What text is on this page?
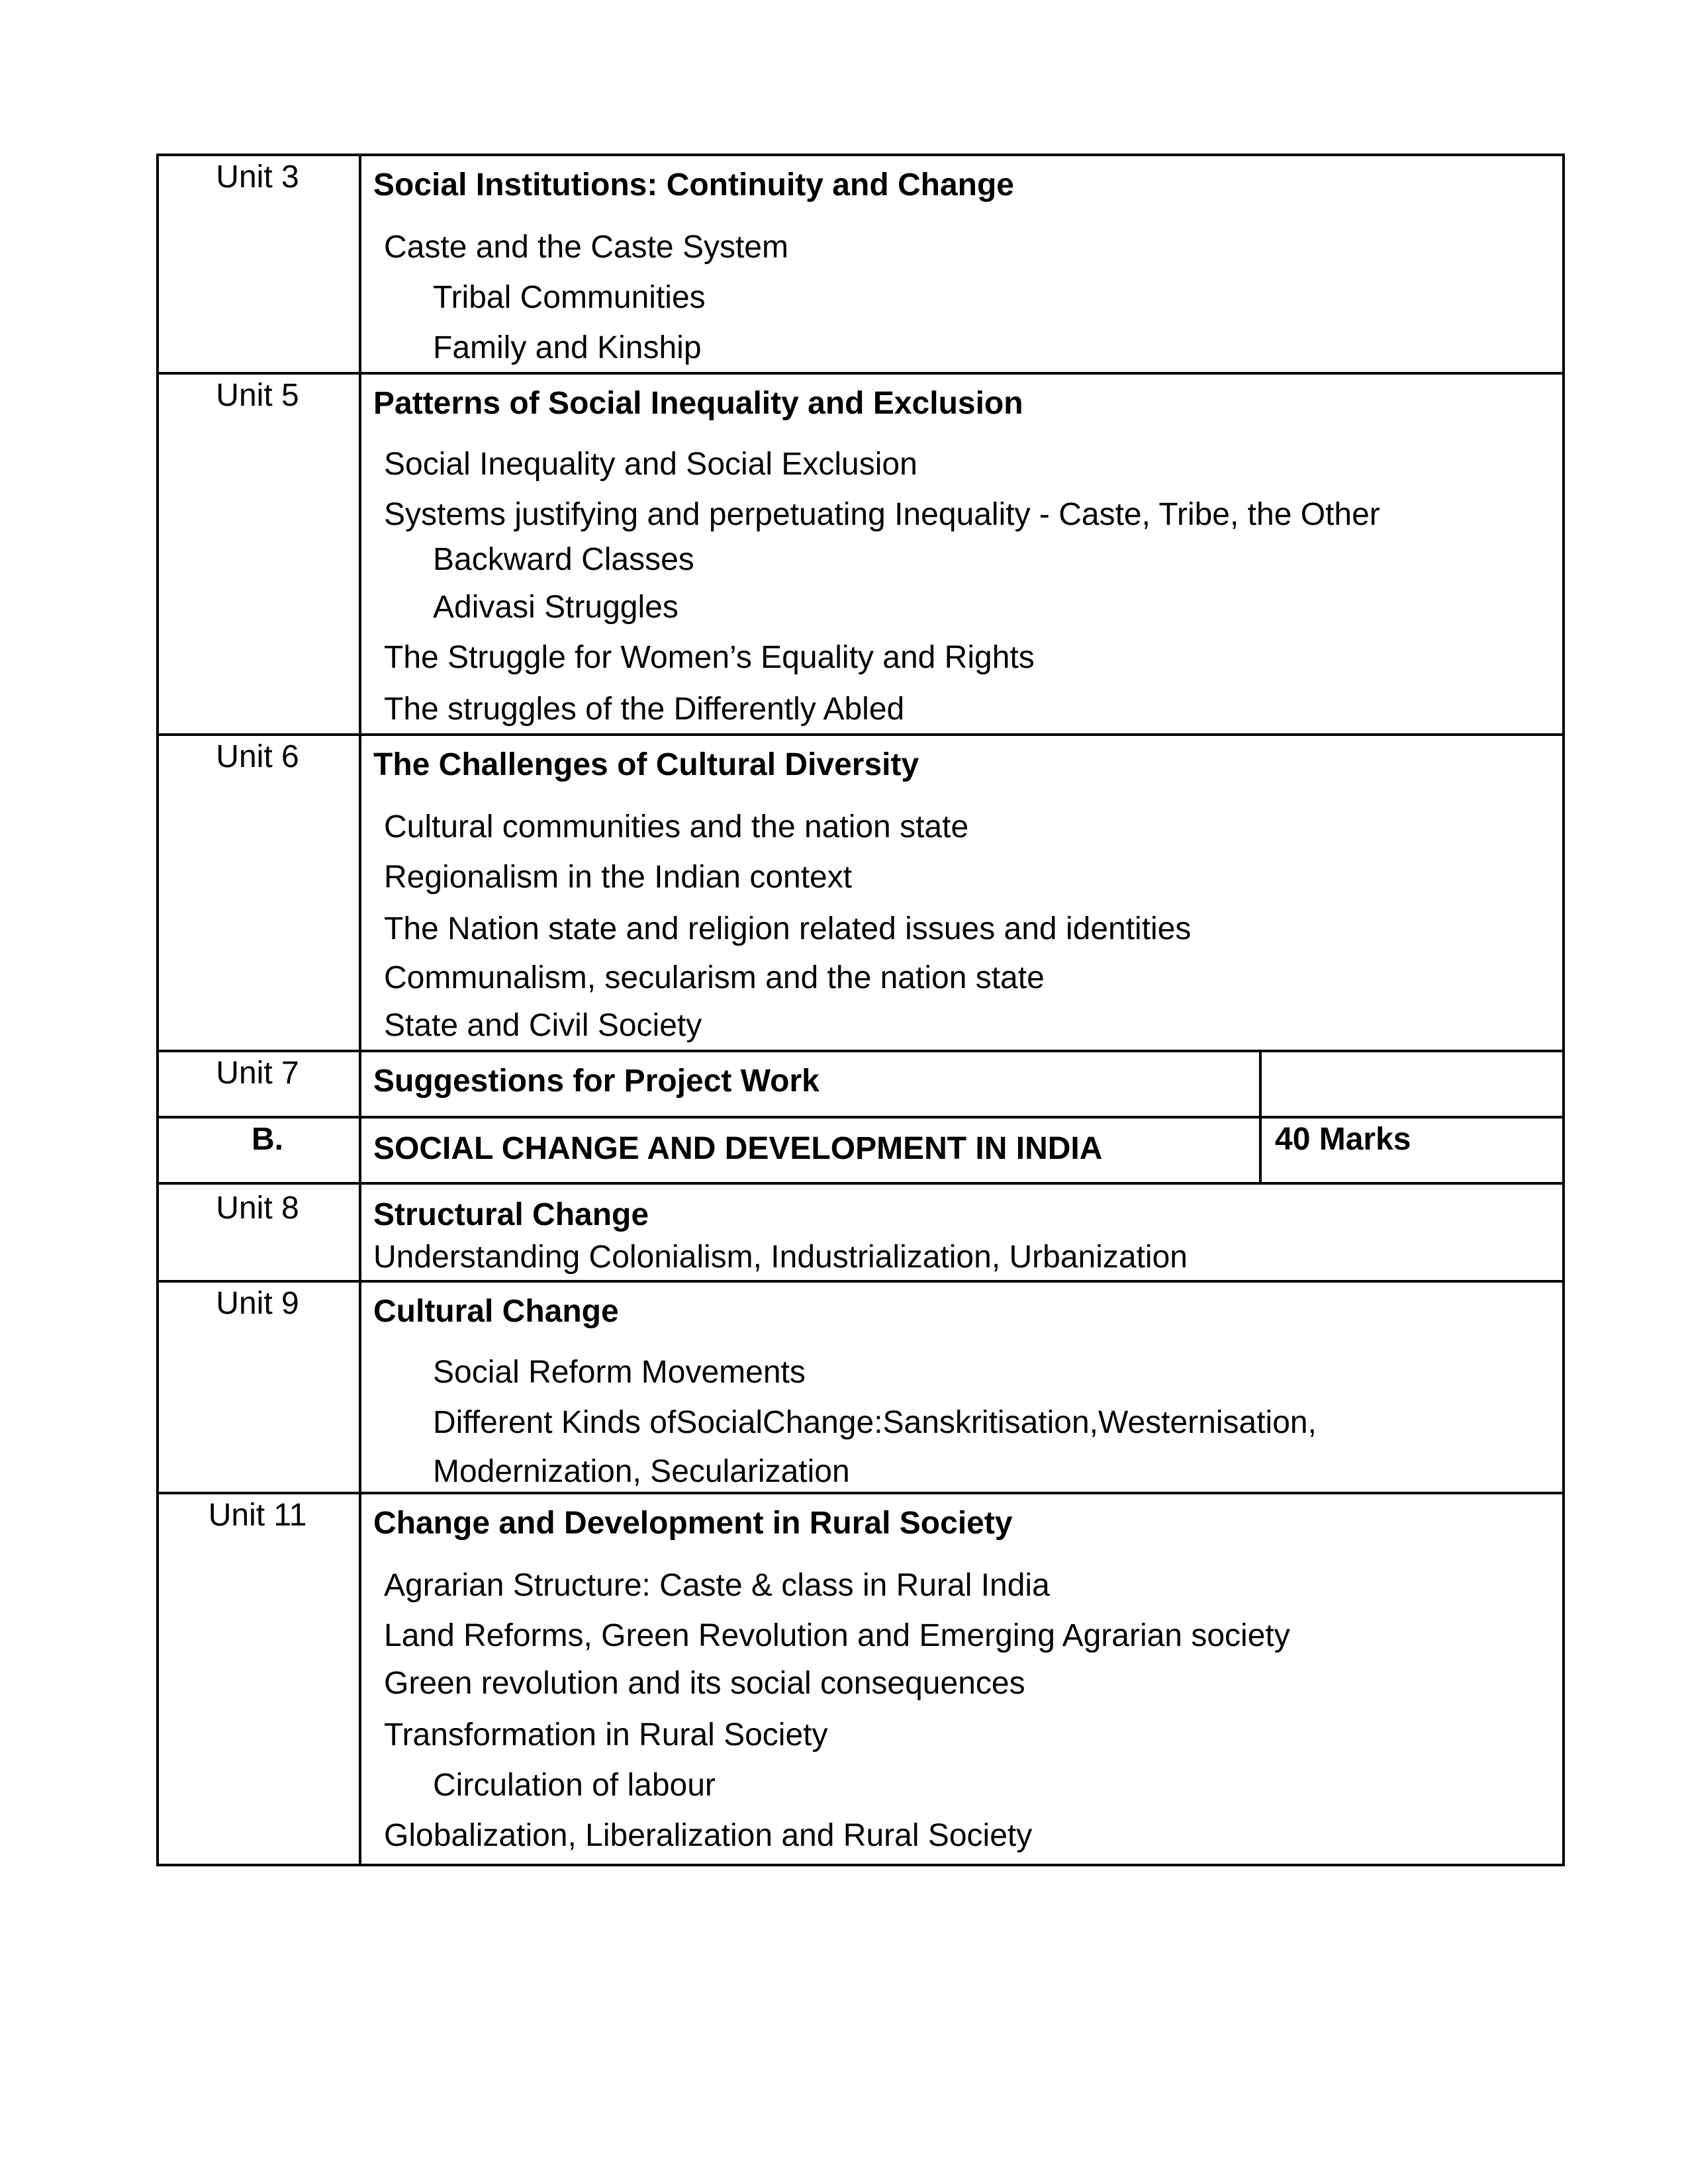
Unit 3	Social Institutions: Continuity and Change
Caste and the Caste System
Tribal Communities
Family and Kinship
Unit 5	Patterns of Social Inequality and Exclusion
Social Inequality and Social Exclusion
Systems justifying and perpetuating Inequality - Caste, Tribe, the Other
Backward Classes
Adivasi Struggles
The Struggle for Women’s Equality and Rights
The struggles of the Differently Abled
Unit 6	The Challenges of Cultural Diversity
Cultural communities and the nation state
Regionalism in the Indian context
The Nation state and religion related issues and identities
Communalism, secularism and the nation state
State and Civil Society
Unit 7	Suggestions for Project Work
B.	SOCIAL CHANGE AND DEVELOPMENT IN INDIA	40 Marks
Unit 8	Structural Change
Understanding Colonialism, Industrialization, Urbanization
Unit 9	Cultural Change
Social Reform Movements
Different Kinds ofSocialChange:Sanskritisation,Westernisation,
Modernization, Secularization
Unit 11	Change and Development in Rural Society
Agrarian Structure: Caste & class in Rural India
Land Reforms, Green Revolution and Emerging Agrarian society
Green revolution and its social consequences
Transformation in Rural Society
Circulation of labour
Globalization, Liberalization and Rural Society
